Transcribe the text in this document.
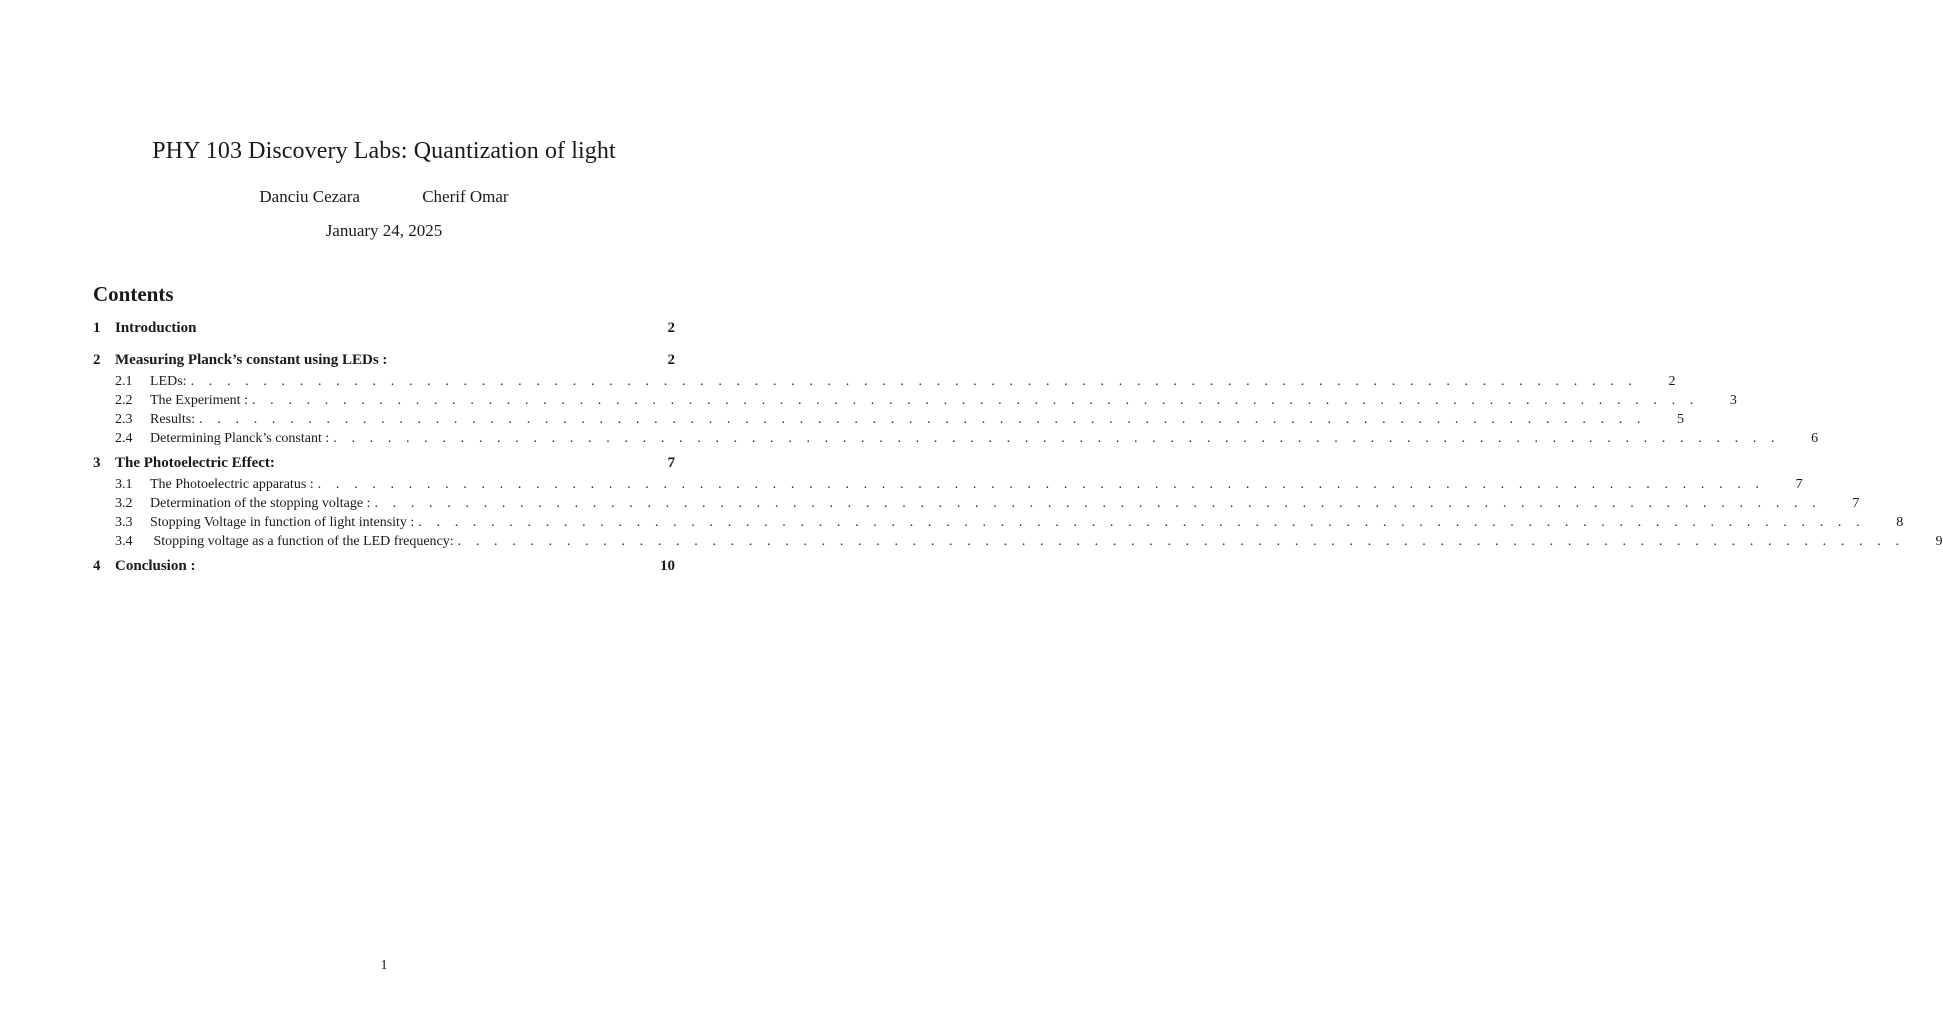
PHY 103 Discovery Labs: Quantization of light
Danciu Cezara	Cherif Omar
January 24, 2025
Contents
1 Introduction	2
2 Measuring Planck’s constant using LEDs :	2
2.1	LEDs: . . . . . . . . . . . . . . . . . . . . . . . . . . . . . . . . . . . . . . . . . . . . . . . . . . . . . . . . . . . . . . . . . . . . . . . . . . . . . . . .	2
2.2	The Experiment : . . . . . . . . . . . . . . . . . . . . . . . . . . . . . . . . . . . . . . . . . . . . . . . . . . . . . . . . . . . . . . . . . . . . . . . . . . . . . . . .	3
2.3	Results: . . . . . . . . . . . . . . . . . . . . . . . . . . . . . . . . . . . . . . . . . . . . . . . . . . . . . . . . . . . . . . . . . . . . . . . . . . . . . . . .	5
2.4	Determining Planck’s constant : . . . . . . . . . . . . . . . . . . . . . . . . . . . . . . . . . . . . . . . . . . . . . . . . . . . . . . . . . . . . . . . . . . . . . . . . . . . . . . . .	6
3 The Photoelectric Effect:	7
3.1	The Photoelectric apparatus : . . . . . . . . . . . . . . . . . . . . . . . . . . . . . . . . . . . . . . . . . . . . . . . . . . . . . . . . . . . . . . . . . . . . . . . . . . . . . . . .	7
3.2	Determination of the stopping voltage : . . . . . . . . . . . . . . . . . . . . . . . . . . . . . . . . . . . . . . . . . . . . . . . . . . . . . . . . . . . . . . . . . . . . . . . . . . . . . . . .	7
3.3	Stopping Voltage in function of light intensity : . . . . . . . . . . . . . . . . . . . . . . . . . . . . . . . . . . . . . . . . . . . . . . . . . . . . . . . . . . . . . . . . . . . . . . . . . . . . . . . .	8
3.4	Stopping voltage as a function of the LED frequency: . . . . . . . . . . . . . . . . . . . . . . . . . . . . . . . . . . . . . . . . . . . . . . . . . . . . . . . . . . . . . . . . . . . . . . . . . . . . . . . .	9
4 Conclusion :	10
1
